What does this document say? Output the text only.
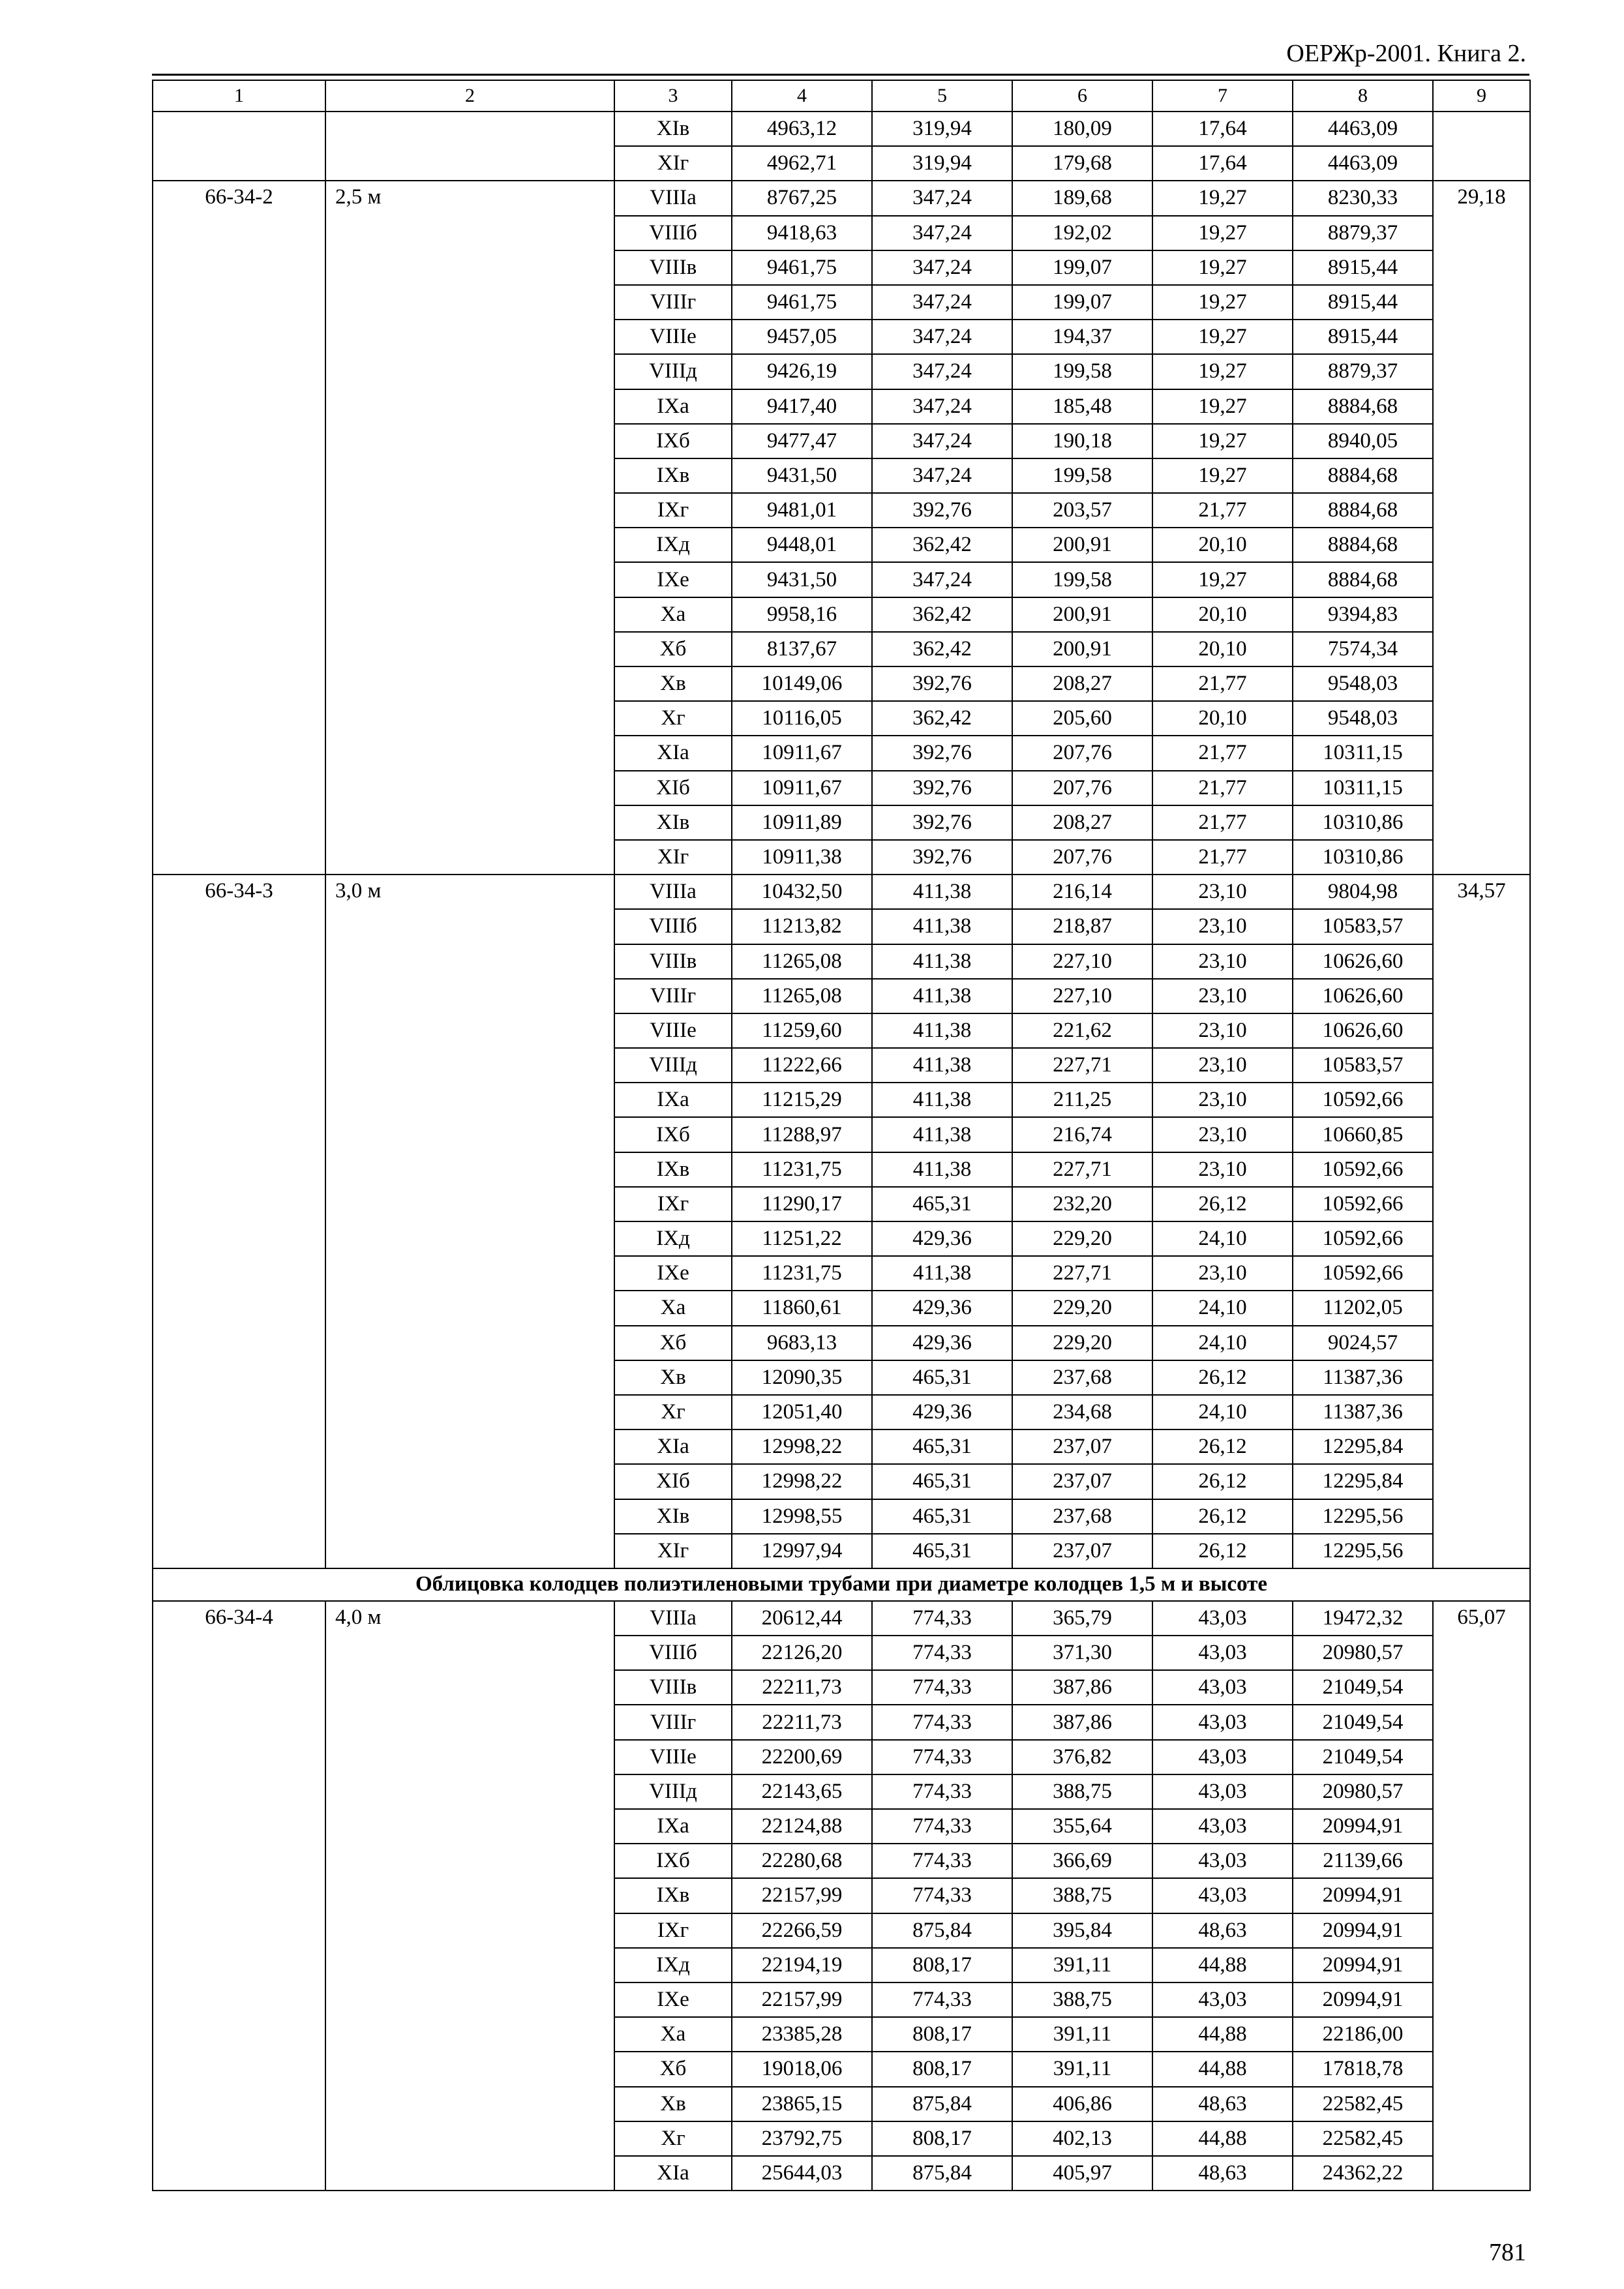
ОЕРЖр-2001. Книга 2.
1	2	3	4	5	6	7	8	9
		XIв	4963,12	319,94	180,09	17,64	4463,09	
		XIг	4962,71	319,94	179,68	17,64	4463,09	
66-34-2	2,5 м	VIIIа	8767,25	347,24	189,68	19,27	8230,33	29,18
		VIIIб	9418,63	347,24	192,02	19,27	8879,37	
		VIIIв	9461,75	347,24	199,07	19,27	8915,44	
		VIIIг	9461,75	347,24	199,07	19,27	8915,44	
		VIIIе	9457,05	347,24	194,37	19,27	8915,44	
		VIIIд	9426,19	347,24	199,58	19,27	8879,37	
		IXа	9417,40	347,24	185,48	19,27	8884,68	
		IXб	9477,47	347,24	190,18	19,27	8940,05	
		IXв	9431,50	347,24	199,58	19,27	8884,68	
		IXг	9481,01	392,76	203,57	21,77	8884,68	
		IXд	9448,01	362,42	200,91	20,10	8884,68	
		IXе	9431,50	347,24	199,58	19,27	8884,68	
		Xа	9958,16	362,42	200,91	20,10	9394,83	
		Xб	8137,67	362,42	200,91	20,10	7574,34	
		Xв	10149,06	392,76	208,27	21,77	9548,03	
		Xг	10116,05	362,42	205,60	20,10	9548,03	
		XIа	10911,67	392,76	207,76	21,77	10311,15	
		XIб	10911,67	392,76	207,76	21,77	10311,15	
		XIв	10911,89	392,76	208,27	21,77	10310,86	
		XIг	10911,38	392,76	207,76	21,77	10310,86	
66-34-3	3,0 м	VIIIа	10432,50	411,38	216,14	23,10	9804,98	34,57
		VIIIб	11213,82	411,38	218,87	23,10	10583,57	
		VIIIв	11265,08	411,38	227,10	23,10	10626,60	
		VIIIг	11265,08	411,38	227,10	23,10	10626,60	
		VIIIе	11259,60	411,38	221,62	23,10	10626,60	
		VIIIд	11222,66	411,38	227,71	23,10	10583,57	
		IXа	11215,29	411,38	211,25	23,10	10592,66	
		IXб	11288,97	411,38	216,74	23,10	10660,85	
		IXв	11231,75	411,38	227,71	23,10	10592,66	
		IXг	11290,17	465,31	232,20	26,12	10592,66	
		IXд	11251,22	429,36	229,20	24,10	10592,66	
		IXе	11231,75	411,38	227,71	23,10	10592,66	
		Xа	11860,61	429,36	229,20	24,10	11202,05	
		Xб	9683,13	429,36	229,20	24,10	9024,57	
		Xв	12090,35	465,31	237,68	26,12	11387,36	
		Xг	12051,40	429,36	234,68	24,10	11387,36	
		XIа	12998,22	465,31	237,07	26,12	12295,84	
		XIб	12998,22	465,31	237,07	26,12	12295,84	
		XIв	12998,55	465,31	237,68	26,12	12295,56	
		XIг	12997,94	465,31	237,07	26,12	12295,56	
Облицовка колодцев полиэтиленовыми трубами при диаметре колодцев 1,5 м и высоте								
66-34-4	4,0 м	VIIIа	20612,44	774,33	365,79	43,03	19472,32	65,07
		VIIIб	22126,20	774,33	371,30	43,03	20980,57	
		VIIIв	22211,73	774,33	387,86	43,03	21049,54	
		VIIIг	22211,73	774,33	387,86	43,03	21049,54	
		VIIIе	22200,69	774,33	376,82	43,03	21049,54	
		VIIIд	22143,65	774,33	388,75	43,03	20980,57	
		IXа	22124,88	774,33	355,64	43,03	20994,91	
		IXб	22280,68	774,33	366,69	43,03	21139,66	
		IXв	22157,99	774,33	388,75	43,03	20994,91	
		IXг	22266,59	875,84	395,84	48,63	20994,91	
		IXд	22194,19	808,17	391,11	44,88	20994,91	
		IXе	22157,99	774,33	388,75	43,03	20994,91	
		Xа	23385,28	808,17	391,11	44,88	22186,00	
		Xб	19018,06	808,17	391,11	44,88	17818,78	
		Xв	23865,15	875,84	406,86	48,63	22582,45	
		Xг	23792,75	808,17	402,13	44,88	22582,45	
		XIа	25644,03	875,84	405,97	48,63	24362,22	
781
